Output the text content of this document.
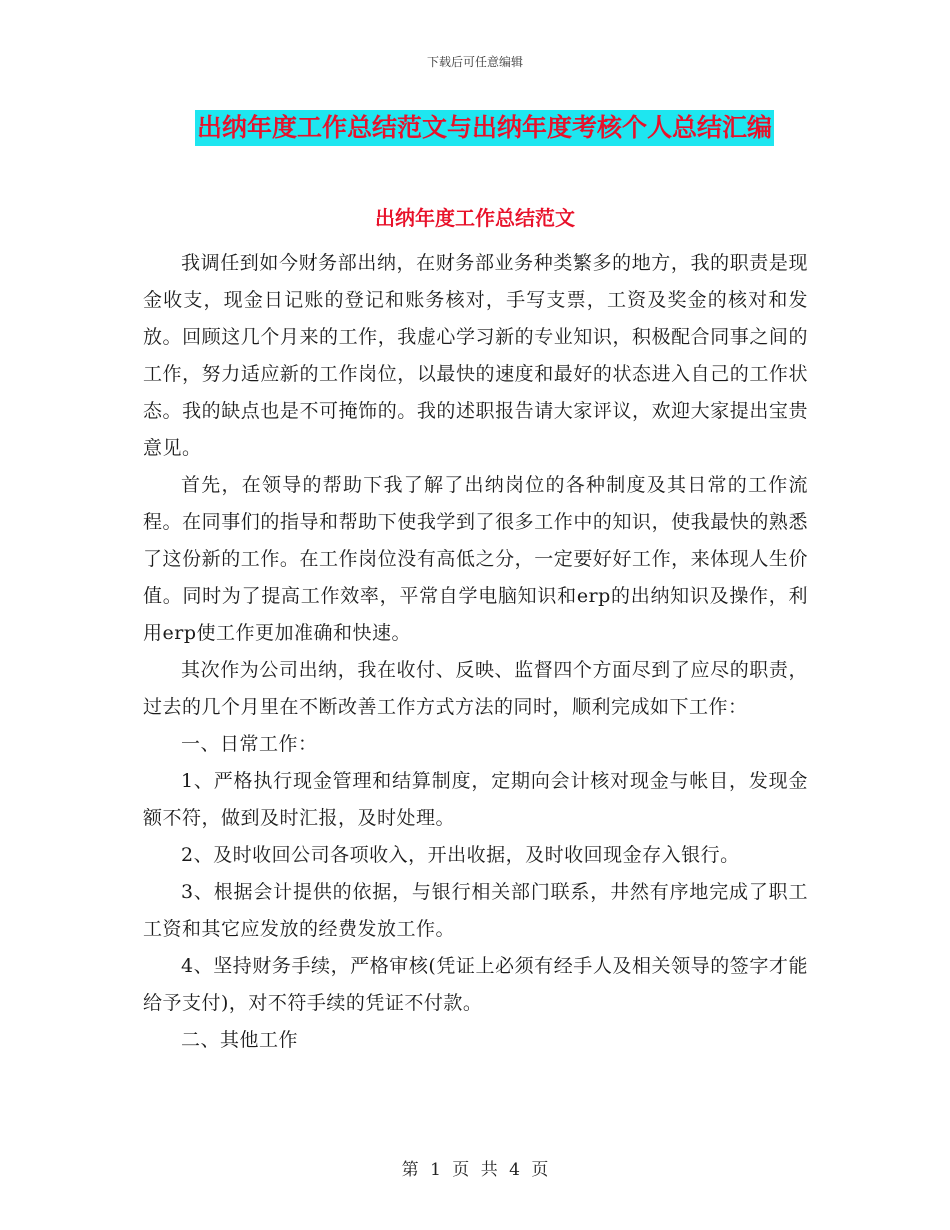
下载后可任意编辑
出纳年度工作总结范文与出纳年度考核个人总结汇编
出纳年度工作总结范文

我调任到如今财务部出纳，在财务部业务种类繁多的地方，我的职责是现金收支，现金日记账的登记和账务核对，手写支票，工资及奖金的核对和发放。回顾这几个月来的工作，我虚心学习新的专业知识，积极配合同事之间的工作，努力适应新的工作岗位，以最快的速度和最好的状态进入自己的工作状态。我的缺点也是不可掩饰的。我的述职报告请大家评议，欢迎大家提出宝贵意见。

首先，在领导的帮助下我了解了出纳岗位的各种制度及其日常的工作流程。在同事们的指导和帮助下使我学到了很多工作中的知识，使我最快的熟悉了这份新的工作。在工作岗位没有高低之分，一定要好好工作，来体现人生价值。同时为了提高工作效率，平常自学电脑知识和erp的出纳知识及操作，利用erp使工作更加准确和快速。

其次作为公司出纳，我在收付、反映、监督四个方面尽到了应尽的职责，过去的几个月里在不断改善工作方式方法的同时，顺利完成如下工作：

一、日常工作：

1、严格执行现金管理和结算制度，定期向会计核对现金与帐目，发现金额不符，做到及时汇报，及时处理。

2、及时收回公司各项收入，开出收据，及时收回现金存入银行。

3、根据会计提供的依据，与银行相关部门联系，井然有序地完成了职工工资和其它应发放的经费发放工作。

4、坚持财务手续，严格审核(凭证上必须有经手人及相关领导的签字才能给予支付)，对不符手续的凭证不付款。

二、其他工作

第 1 页 共 4 页
